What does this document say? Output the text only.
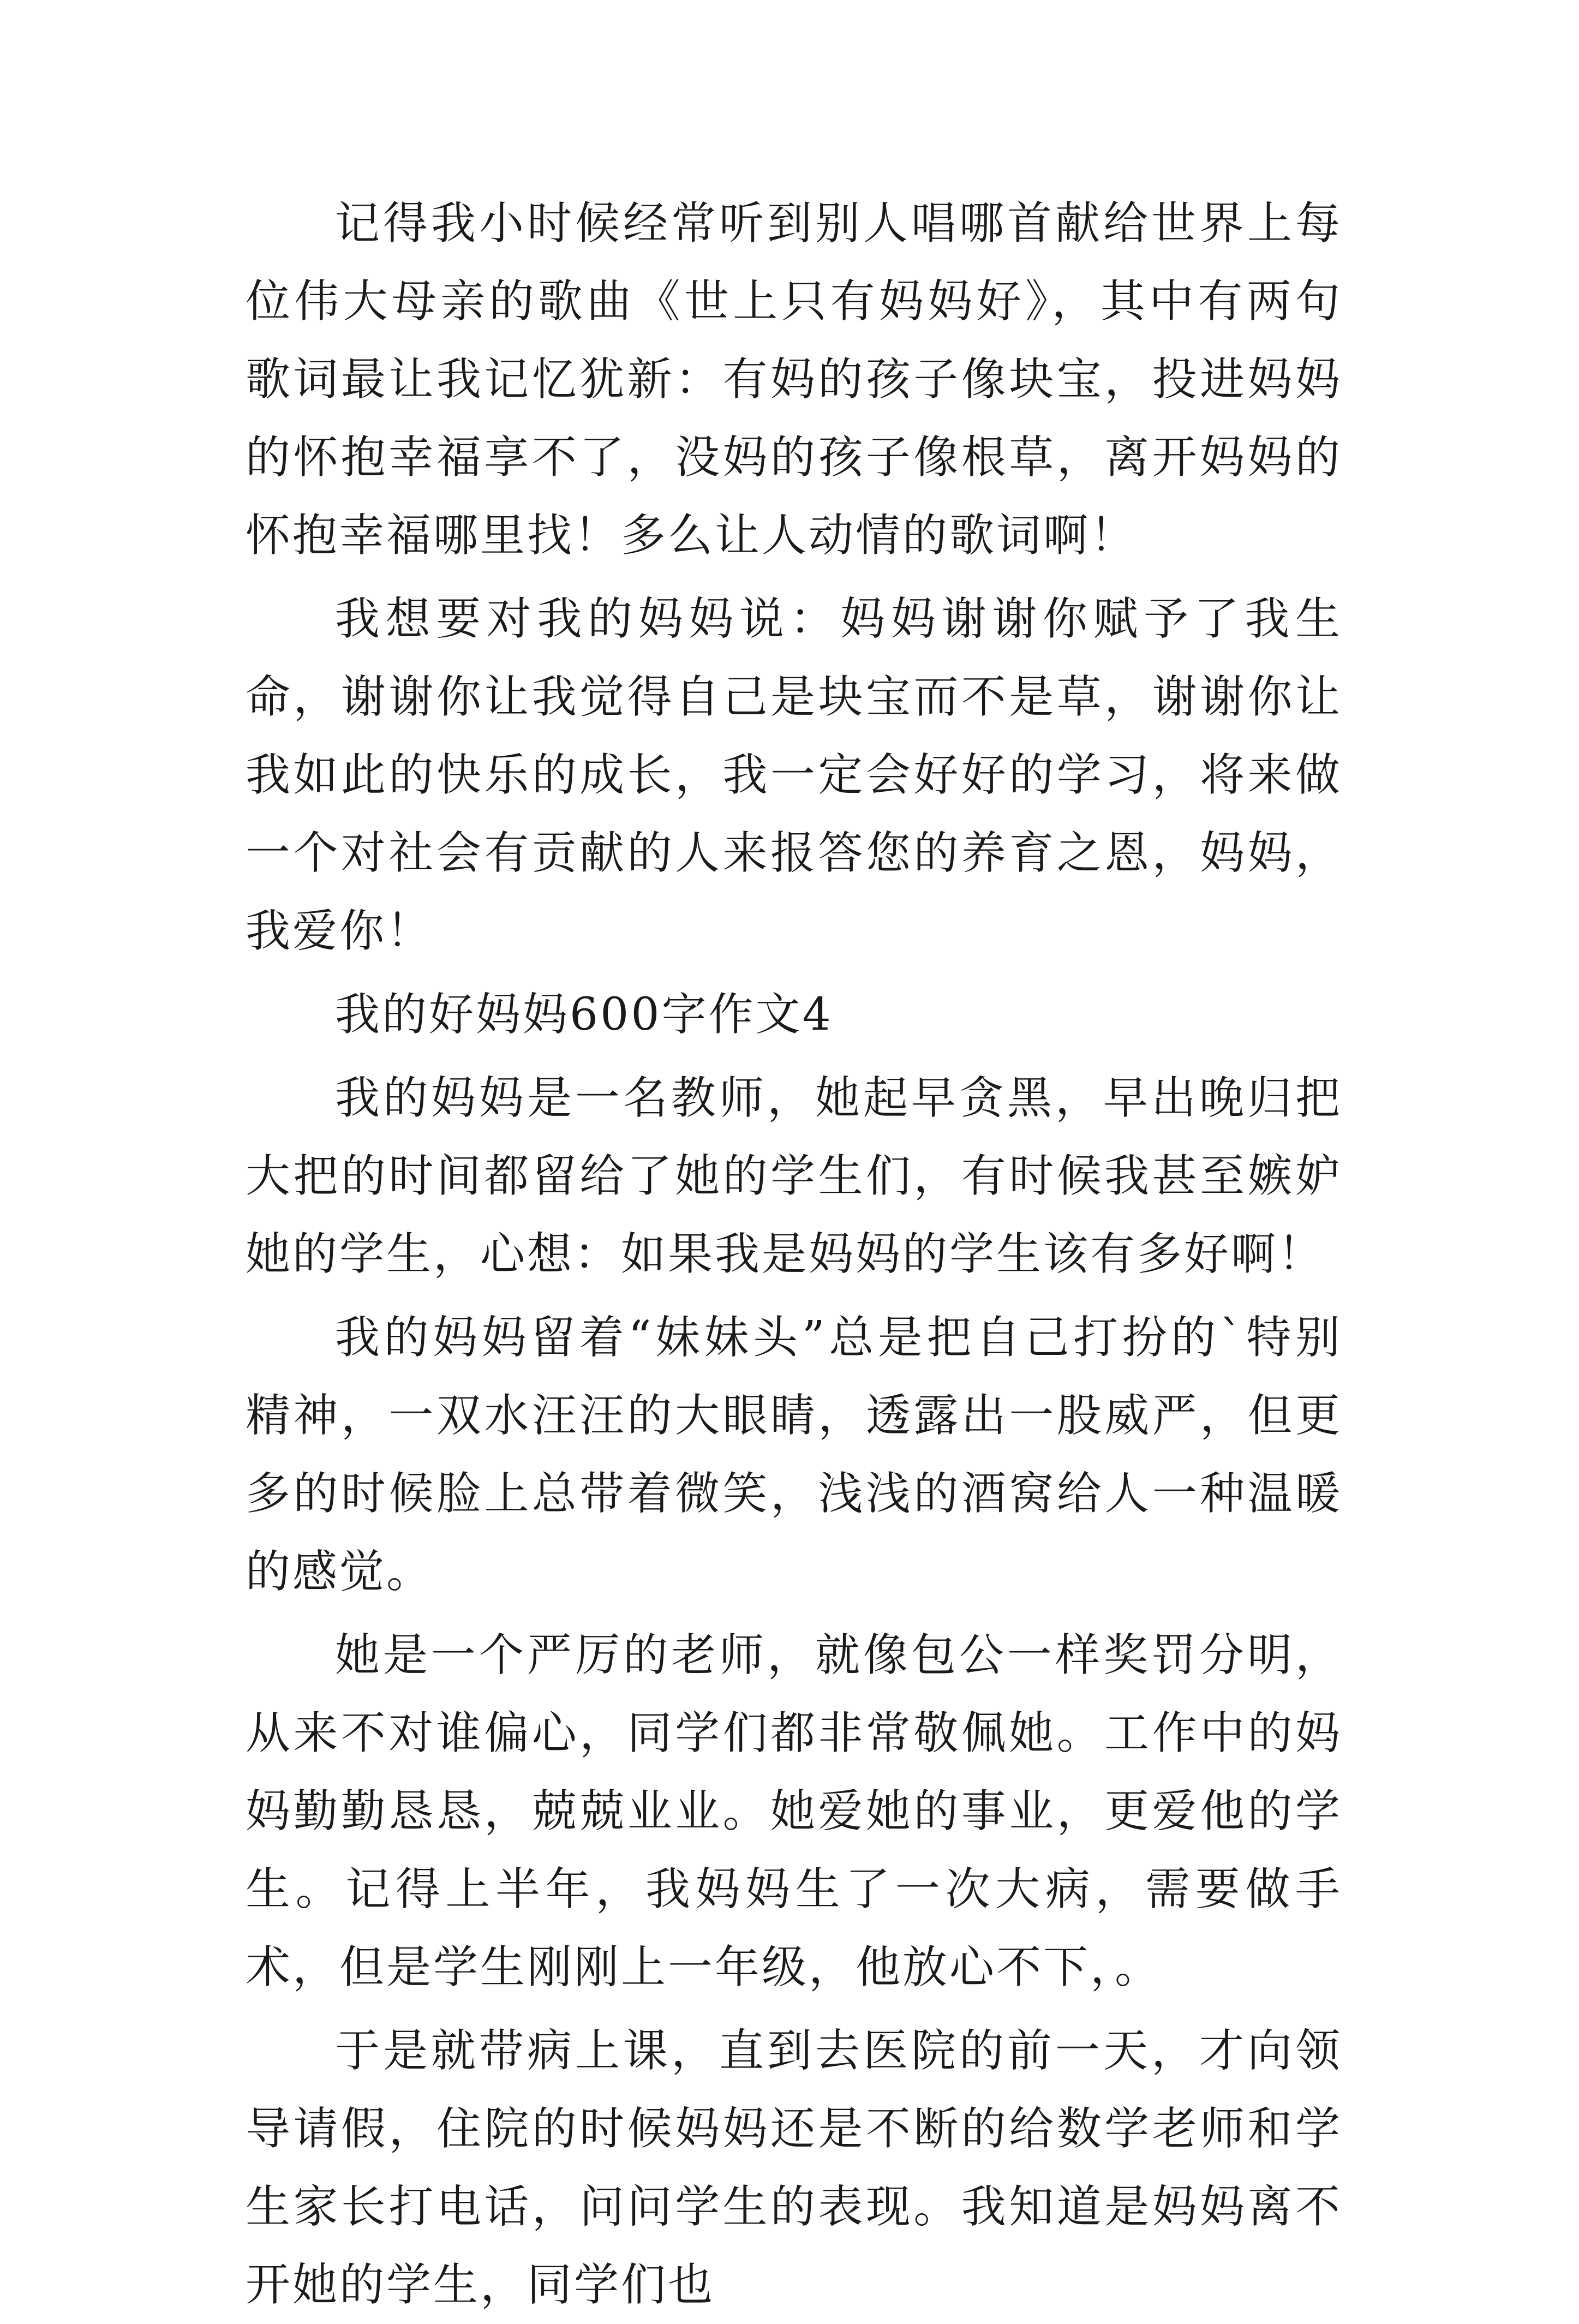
记得我小时候经常听到别人唱哪首献给世界上每位伟大母亲的歌曲《世上只有妈妈好》，其中有两句歌词最让我记忆犹新：有妈的孩子像块宝，投进妈妈的怀抱幸福享不了，没妈的孩子像根草，离开妈妈的怀抱幸福哪里找！多么让人动情的歌词啊！

我想要对我的妈妈说：妈妈谢谢你赋予了我生命，谢谢你让我觉得自己是块宝而不是草，谢谢你让我如此的快乐的成长，我一定会好好的学习，将来做一个对社会有贡献的人来报答您的养育之恩，妈妈，我爱你！

我的好妈妈600字作文4

我的妈妈是一名教师，她起早贪黑，早出晚归把大把的时间都留给了她的学生们，有时候我甚至嫉妒她的学生，心想：如果我是妈妈的学生该有多好啊！

我的妈妈留着“妹妹头”总是把自己打扮的`特别精神，一双水汪汪的大眼睛，透露出一股威严，但更多的时候脸上总带着微笑，浅浅的酒窝给人一种温暖的感觉。

她是一个严厉的老师，就像包公一样奖罚分明，从来不对谁偏心，同学们都非常敬佩她。工作中的妈妈勤勤恳恳，兢兢业业。她爱她的事业，更爱他的学生。记得上半年，我妈妈生了一次大病，需要做手术，但是学生刚刚上一年级，他放心不下，。

于是就带病上课，直到去医院的前一天，才向领导请假，住院的时候妈妈还是不断的给数学老师和学生家长打电话，问问学生的表现。我知道是妈妈离不开她的学生，同学们也
